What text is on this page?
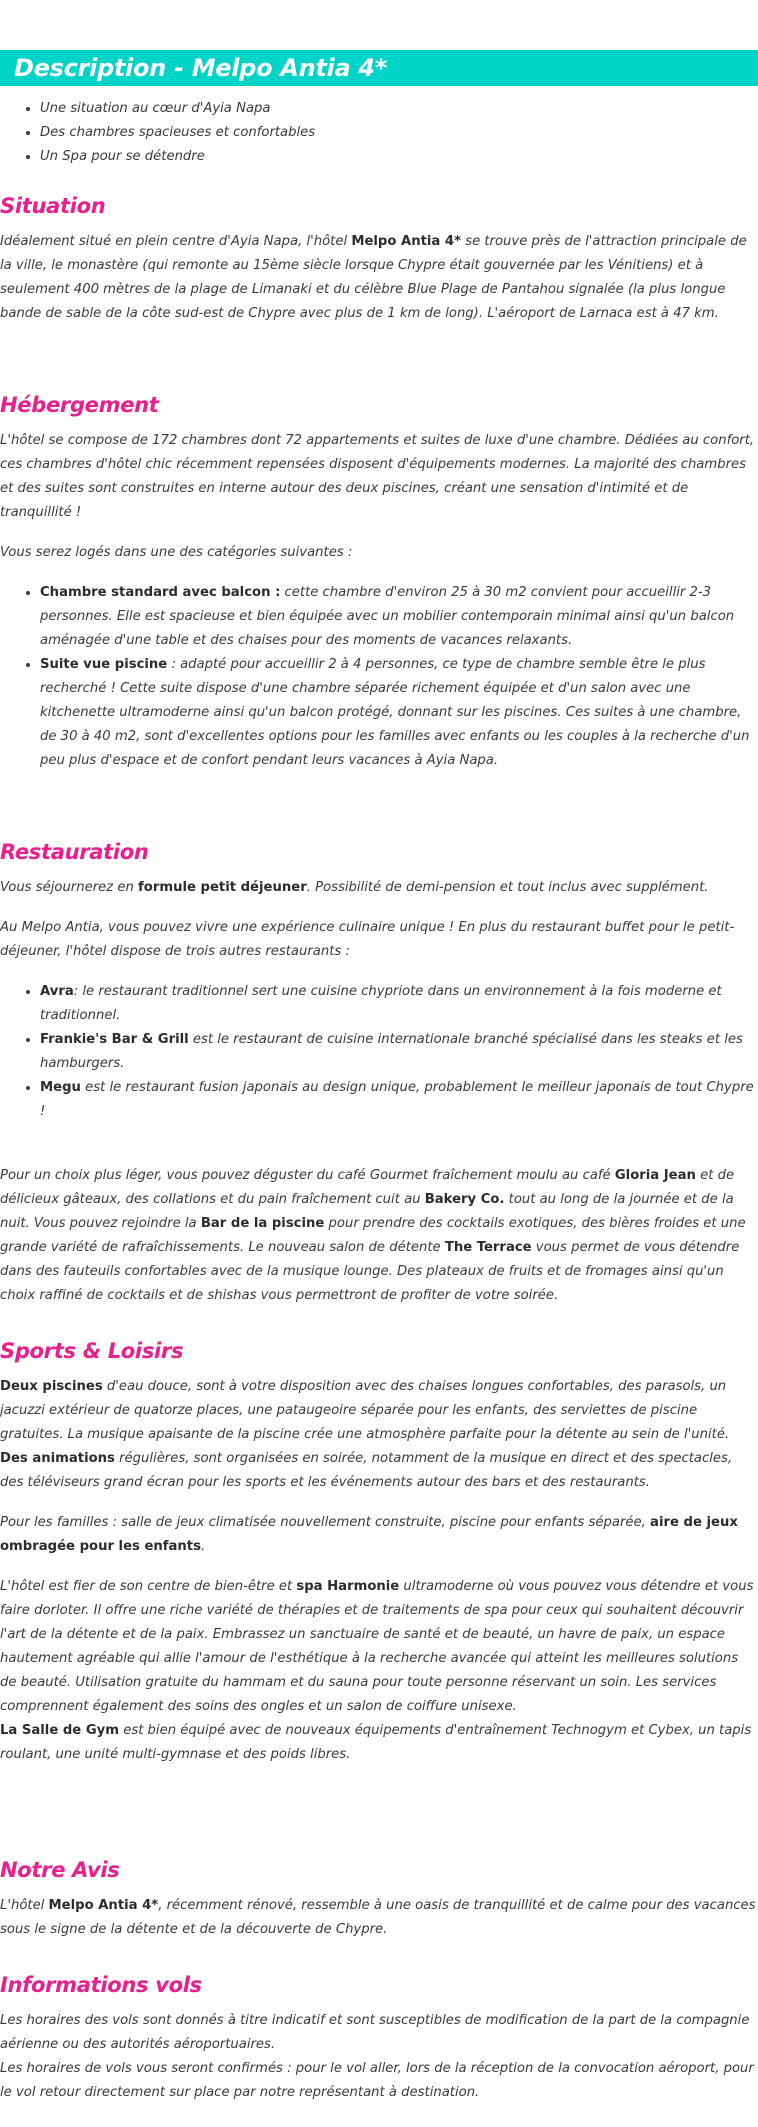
Description - Melpo Antia 4*
• Une situation au cœur d'Ayia Napa
• Des chambres spacieuses et confortables
• Un Spa pour se détendre
Situation

Idéalement situé en plein centre d'Ayia Napa, l'hôtel Melpo Antia 4* se trouve près de l'attraction principale de la ville, le monastère (qui remonte au 15ème siècle lorsque Chypre était gouvernée par les Vénitiens) et à seulement 400 mètres de la plage de Limanaki et du célèbre Blue Plage de Pantahou signalée (la plus longue bande de sable de la côte sud-est de Chypre avec plus de 1 km de long). L'aéroport de Larnaca est à 47 km.

Hébergement

L'hôtel se compose de 172 chambres dont 72 appartements et suites de luxe d'une chambre. Dédiées au confort, ces chambres d'hôtel chic récemment repensées disposent d'équipements modernes. La majorité des chambres et des suites sont construites en interne autour des deux piscines, créant une sensation d'intimité et de tranquillité !

Vous serez logés dans une des catégories suivantes :

• Chambre standard avec balcon : cette chambre d'environ 25 à 30 m2 convient pour accueillir 2-3 personnes. Elle est spacieuse et bien équipée avec un mobilier contemporain minimal ainsi qu'un balcon aménagée d'une table et des chaises pour des moments de vacances relaxants.
• Suite vue piscine : adapté pour accueillir 2 à 4 personnes, ce type de chambre semble être le plus recherché ! Cette suite dispose d'une chambre séparée richement équipée et d'un salon avec une kitchenette ultramoderne ainsi qu'un balcon protégé, donnant sur les piscines. Ces suites à une chambre, de 30 à 40 m2, sont d'excellentes options pour les familles avec enfants ou les couples à la recherche d'un peu plus d'espace et de confort pendant leurs vacances à Ayia Napa.
Restauration

Vous séjournerez en formule petit déjeuner. Possibilité de demi-pension et tout inclus avec supplément.

Au Melpo Antia, vous pouvez vivre une expérience culinaire unique ! En plus du restaurant buffet pour le petit-déjeuner, l'hôtel dispose de trois autres restaurants :

• Avra: le restaurant traditionnel sert une cuisine chypriote dans un environnement à la fois moderne et traditionnel.
• Frankie's Bar & Grill est le restaurant de cuisine internationale branché spécialisé dans les steaks et les hamburgers.
• Megu est le restaurant fusion japonais au design unique, probablement le meilleur japonais de tout Chypre !

Pour un choix plus léger, vous pouvez déguster du café Gourmet fraîchement moulu au café Gloria Jean et de délicieux gâteaux, des collations et du pain fraîchement cuit au Bakery Co. tout au long de la journée et de la nuit. Vous pouvez rejoindre la Bar de la piscine pour prendre des cocktails exotiques, des bières froides et une grande variété de rafraîchissements. Le nouveau salon de détente The Terrace vous permet de vous détendre dans des fauteuils confortables avec de la musique lounge. Des plateaux de fruits et de fromages ainsi qu'un choix raffiné de cocktails et de shishas vous permettront de profiter de votre soirée.

Sports & Loisirs

Deux piscines d'eau douce, sont à votre disposition avec des chaises longues confortables, des parasols, un jacuzzi extérieur de quatorze places, une pataugeoire séparée pour les enfants, des serviettes de piscine gratuites. La musique apaisante de la piscine crée une atmosphère parfaite pour la détente au sein de l'unité.
Des animations régulières, sont organisées en soirée, notamment de la musique en direct et des spectacles, des téléviseurs grand écran pour les sports et les événements autour des bars et des restaurants.

Pour les familles : salle de jeux climatisée nouvellement construite, piscine pour enfants séparée, aire de jeux ombragée pour les enfants.

L'hôtel est fier de son centre de bien-être et spa Harmonie ultramoderne où vous pouvez vous détendre et vous faire dorloter. Il offre une riche variété de thérapies et de traitements de spa pour ceux qui souhaitent découvrir l'art de la détente et de la paix. Embrassez un sanctuaire de santé et de beauté, un havre de paix, un espace hautement agréable qui allie l'amour de l'esthétique à la recherche avancée qui atteint les meilleures solutions de beauté. Utilisation gratuite du hammam et du sauna pour toute personne réservant un soin. Les services comprennent également des soins des ongles et un salon de coiffure unisexe.
La Salle de Gym est bien équipé avec de nouveaux équipements d'entraînement Technogym et Cybex, un tapis roulant, une unité multi-gymnase et des poids libres.

Notre Avis

L'hôtel Melpo Antia 4*, récemment rénové, ressemble à une oasis de tranquillité et de calme pour des vacances sous le signe de la détente et de la découverte de Chypre.

Informations vols

Les horaires des vols sont donnés à titre indicatif et sont susceptibles de modification de la part de la compagnie aérienne ou des autorités aéroportuaires.
Les horaires de vols vous seront confirmés : pour le vol aller, lors de la réception de la convocation aéroport, pour le vol retour directement sur place par notre représentant à destination.
